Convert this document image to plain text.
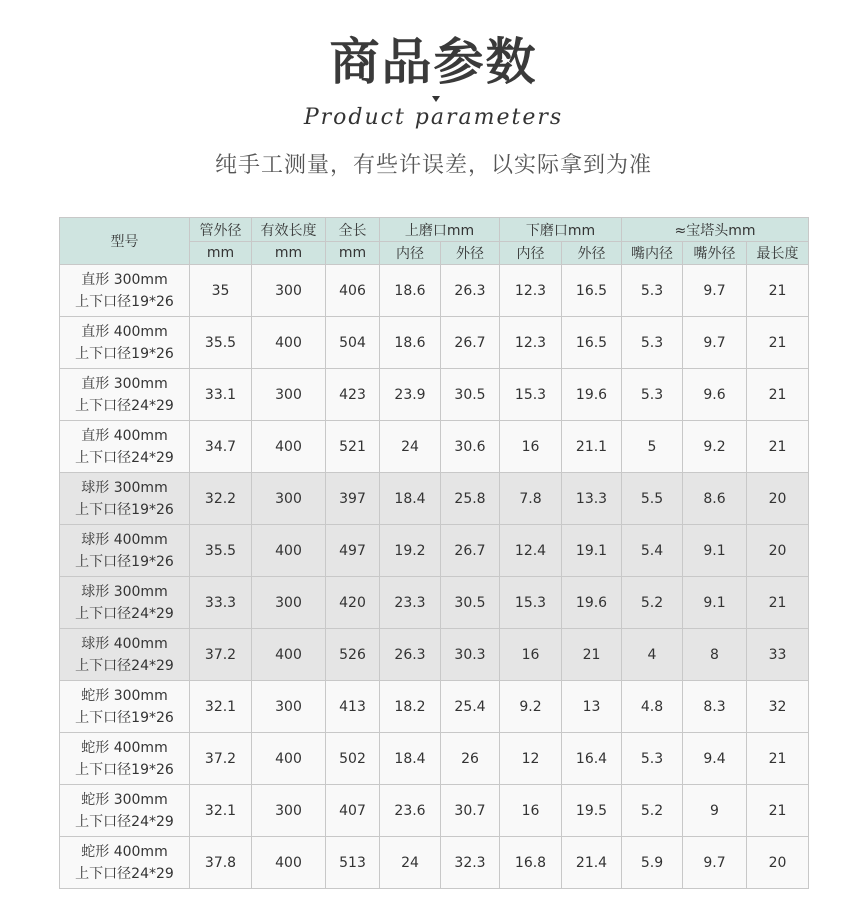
商品参数
Product parameters
纯手工测量，有些许误差，以实际拿到为准
型号	管外径	有效长度	全长	上磨口mm		下磨口mm		≈宝塔头mm		
	mm	mm	mm	内径	外径	内径	外径	嘴内径	嘴外径	最长度

直形 300mm
上下口径19*26	35	300	406	18.6	26.3	12.3	16.5	5.3	9.7	21

直形 400mm
上下口径19*26	35.5	400	504	18.6	26.7	12.3	16.5	5.3	9.7	21

直形 300mm
上下口径24*29	33.1	300	423	23.9	30.5	15.3	19.6	5.3	9.6	21

直形 400mm
上下口径24*29	34.7	400	521	24	30.6	16	21.1	5	9.2	21

球形 300mm
上下口径19*26	32.2	300	397	18.4	25.8	7.8	13.3	5.5	8.6	20

球形 400mm
上下口径19*26	35.5	400	497	19.2	26.7	12.4	19.1	5.4	9.1	20

球形 300mm
上下口径24*29	33.3	300	420	23.3	30.5	15.3	19.6	5.2	9.1	21

球形 400mm
上下口径24*29	37.2	400	526	26.3	30.3	16	21	4	8	33

蛇形 300mm
上下口径19*26	32.1	300	413	18.2	25.4	9.2	13	4.8	8.3	32

蛇形 400mm
上下口径19*26	37.2	400	502	18.4	26	12	16.4	5.3	9.4	21

蛇形 300mm
上下口径24*29	32.1	300	407	23.6	30.7	16	19.5	5.2	9	21

蛇形 400mm
上下口径24*29	37.8	400	513	24	32.3	16.8	21.4	5.9	9.7	20
